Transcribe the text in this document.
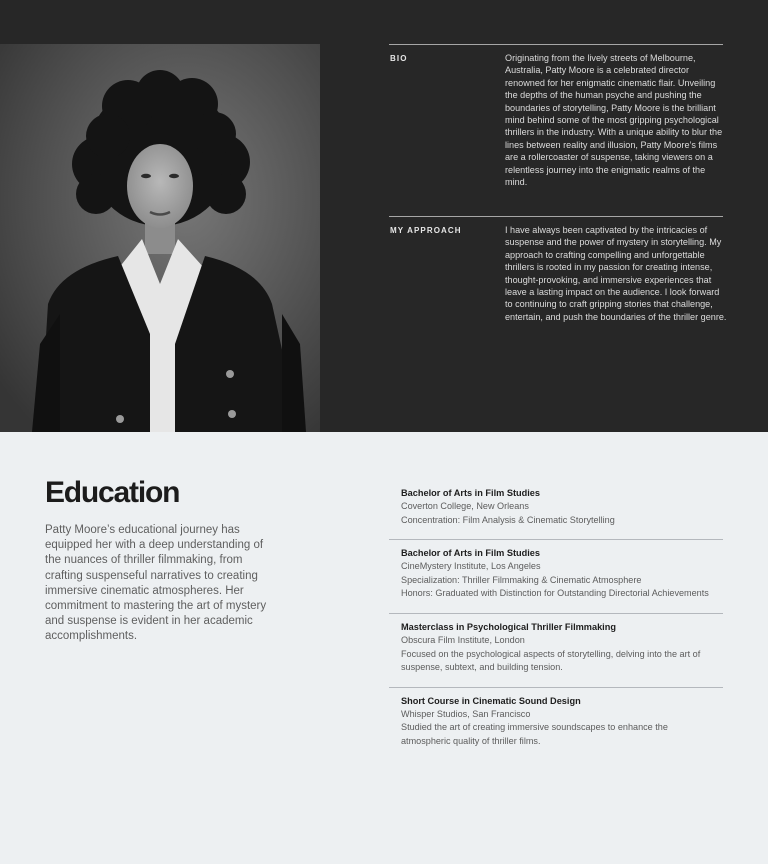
BIO	Originating from the lively streets of Melbourne, Australia, Patty Moore is a celebrated director renowned for her enigmatic cinematic flair. Unveiling the depths of the human psyche and pushing the boundaries of storytelling, Patty Moore is the brilliant mind behind some of the most gripping psychological thrillers in the industry. With a unique ability to blur the lines between reality and illusion, Patty Moore’s films are a rollercoaster of suspense, taking viewers on a relentless journey into the enigmatic realms of the mind.
MY APPROACH	I have always been captivated by the intricacies of suspense and the power of mystery in storytelling. My approach to crafting compelling and unforgettable thrillers is rooted in my passion for creating intense, thought-provoking, and immersive experiences that leave a lasting impact on the audience. I look forward to continuing to craft gripping stories that challenge, entertain, and push the boundaries of the thriller genre.
Education

Patty Moore’s educational journey has equipped her with a deep understanding of the nuances of thriller filmmaking, from crafting suspenseful narratives to creating immersive cinematic atmospheres. Her commitment to mastering the art of mystery and suspense is evident in her academic accomplishments.

Bachelor of Arts in Film Studies
Coverton College, New Orleans
Concentration: Film Analysis & Cinematic Storytelling
Bachelor of Arts in Film Studies
CineMystery Institute, Los Angeles
Specialization: Thriller Filmmaking & Cinematic Atmosphere
Honors: Graduated with Distinction for Outstanding Directorial Achievements
Masterclass in Psychological Thriller Filmmaking
Obscura Film Institute, London
Focused on the psychological aspects of storytelling, delving into the art of suspense, subtext, and building tension.
Short Course in Cinematic Sound Design
Whisper Studios, San Francisco
Studied the art of creating immersive soundscapes to enhance the atmospheric quality of thriller films.
